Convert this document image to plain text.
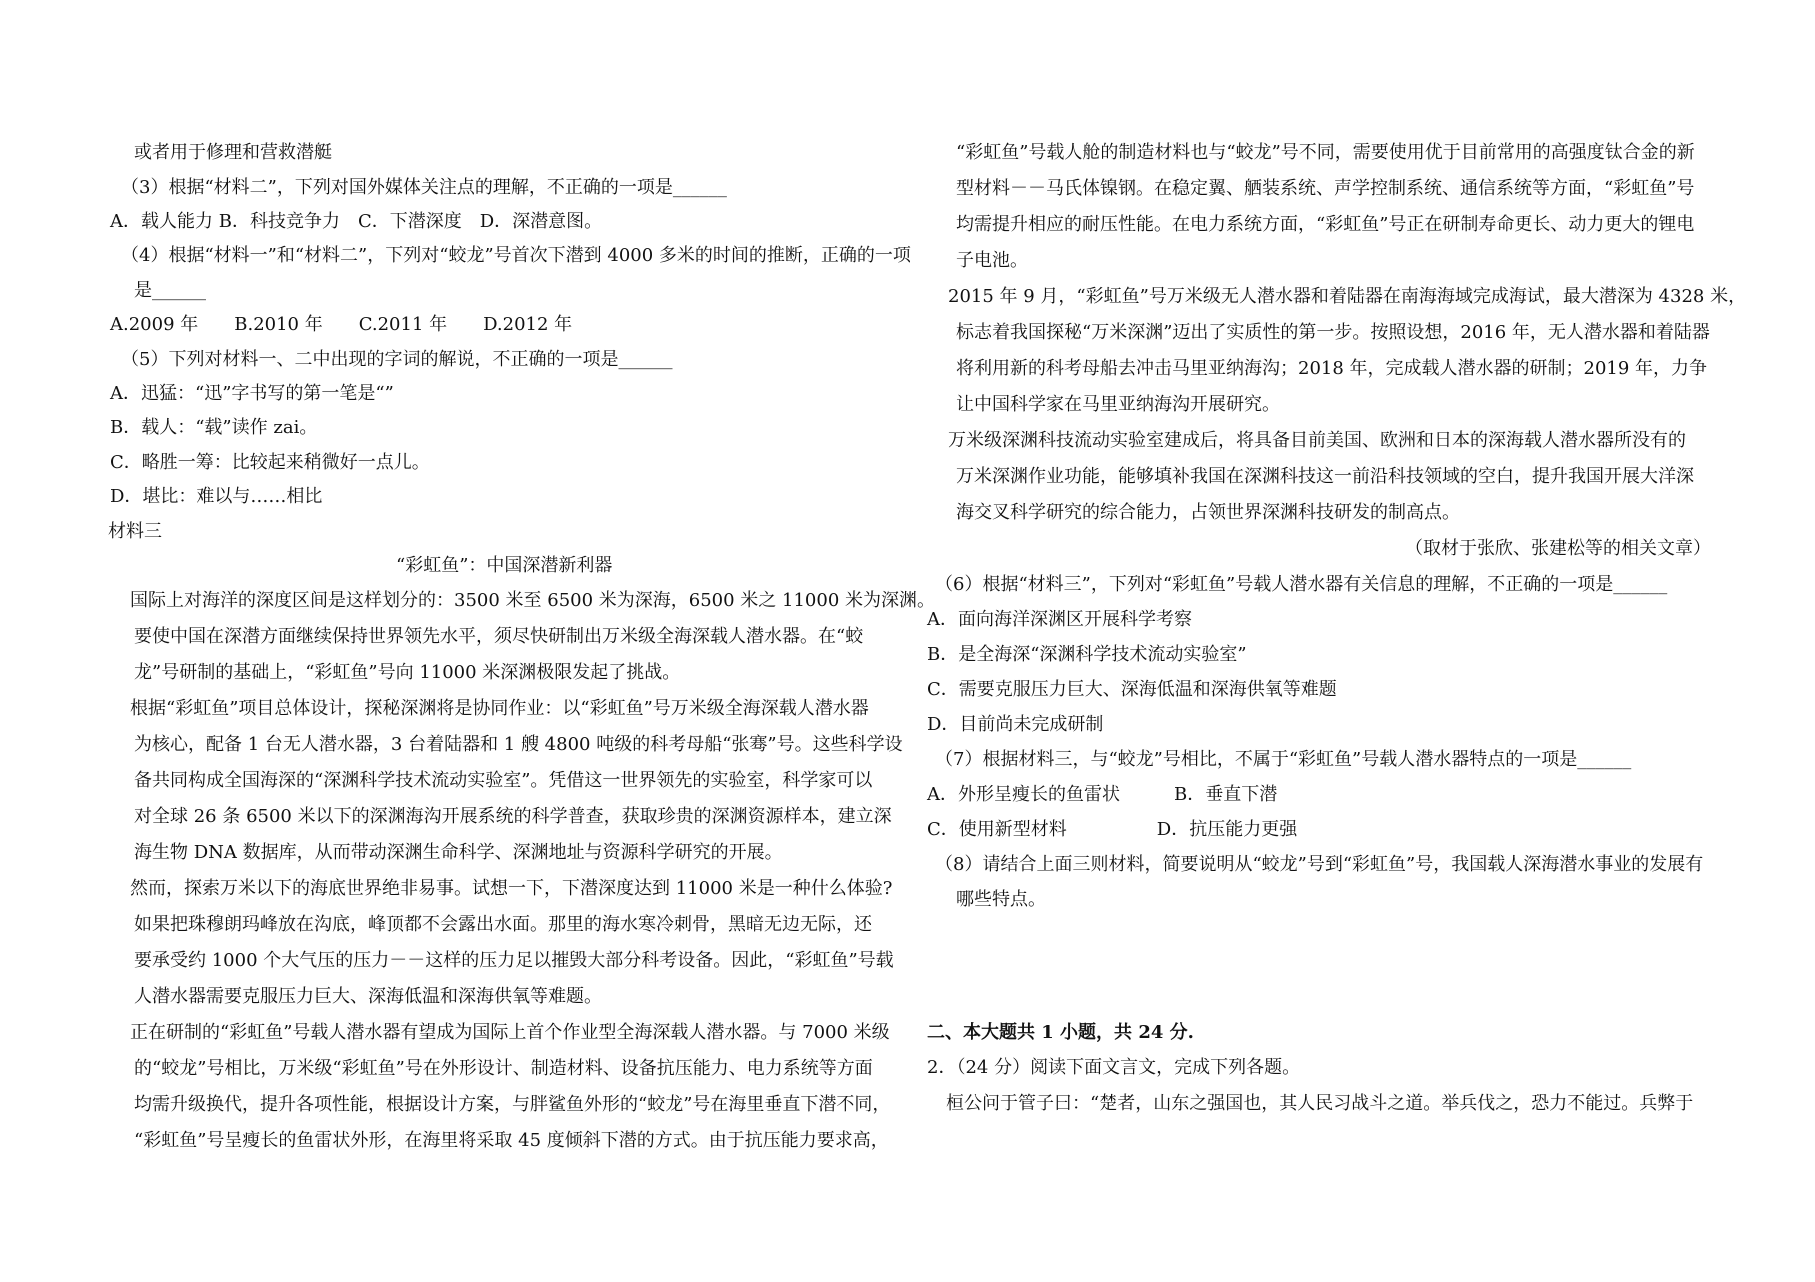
或者用于修理和营救潜艇
（3）根据“材料二”，下列对国外媒体关注点的理解，不正确的一项是______
A．载人能力 B．科技竞争力　C．下潜深度　D．深潜意图。
（4）根据“材料一”和“材料二”，下列对“蛟龙”号首次下潜到 4000 多米的时间的推断，正确的一项
是______
A.2009 年　　B.2010 年　　C.2011 年　　D.2012 年
（5）下列对材料一、二中出现的字词的解说，不正确的一项是______
A．迅猛：“迅”字书写的第一笔是“”
B．载人：“载”读作 zai。
C．略胜一筹：比较起来稍微好一点儿。
D．堪比：难以与……相比
材料三
“彩虹鱼”：中国深潜新利器
国际上对海洋的深度区间是这样划分的：3500 米至 6500 米为深海，6500 米之 11000 米为深渊。
要使中国在深潜方面继续保持世界领先水平，须尽快研制出万米级全海深载人潜水器。在“蛟
龙”号研制的基础上，“彩虹鱼”号向 11000 米深渊极限发起了挑战。
根据“彩虹鱼”项目总体设计，探秘深渊将是协同作业：以“彩虹鱼”号万米级全海深载人潜水器
为核心，配备 1 台无人潜水器，3 台着陆器和 1 艘 4800 吨级的科考母船“张骞”号。这些科学设
备共同构成全国海深的“深渊科学技术流动实验室”。凭借这一世界领先的实验室，科学家可以
对全球 26 条 6500 米以下的深渊海沟开展系统的科学普查，获取珍贵的深渊资源样本，建立深
海生物 DNA 数据库，从而带动深渊生命科学、深渊地址与资源科学研究的开展。
然而，探索万米以下的海底世界绝非易事。试想一下，下潜深度达到 11000 米是一种什么体验?
如果把珠穆朗玛峰放在沟底，峰顶都不会露出水面。那里的海水寒冷刺骨，黑暗无边无际，还
要承受约 1000 个大气压的压力－－这样的压力足以摧毁大部分科考设备。因此，“彩虹鱼”号载
人潜水器需要克服压力巨大、深海低温和深海供氧等难题。
正在研制的“彩虹鱼”号载人潜水器有望成为国际上首个作业型全海深载人潜水器。与 7000 米级
的“蛟龙”号相比，万米级“彩虹鱼”号在外形设计、制造材料、设备抗压能力、电力系统等方面
均需升级换代，提升各项性能，根据设计方案，与胖鲨鱼外形的“蛟龙”号在海里垂直下潜不同，
“彩虹鱼”号呈瘦长的鱼雷状外形，在海里将采取 45 度倾斜下潜的方式。由于抗压能力要求高，
“彩虹鱼”号载人舱的制造材料也与“蛟龙”号不同，需要使用优于目前常用的高强度钛合金的新
型材料－－马氏体镍钢。在稳定翼、舾装系统、声学控制系统、通信系统等方面，“彩虹鱼”号
均需提升相应的耐压性能。在电力系统方面，“彩虹鱼”号正在研制寿命更长、动力更大的锂电
子电池。
2015 年 9 月，“彩虹鱼”号万米级无人潜水器和着陆器在南海海域完成海试，最大潜深为 4328 米，
标志着我国探秘“万米深渊”迈出了实质性的第一步。按照设想，2016 年，无人潜水器和着陆器
将利用新的科考母船去冲击马里亚纳海沟；2018 年，完成载人潜水器的研制；2019 年，力争
让中国科学家在马里亚纳海沟开展研究。
万米级深渊科技流动实验室建成后，将具备目前美国、欧洲和日本的深海载人潜水器所没有的
万米深渊作业功能，能够填补我国在深渊科技这一前沿科技领域的空白，提升我国开展大洋深
海交叉科学研究的综合能力，占领世界深渊科技研发的制高点。
（取材于张欣、张建松等的相关文章）
（6）根据“材料三”，下列对“彩虹鱼”号载人潜水器有关信息的理解，不正确的一项是______
A．面向海洋深渊区开展科学考察
B．是全海深“深渊科学技术流动实验室”
C．需要克服压力巨大、深海低温和深海供氧等难题
D．目前尚未完成研制
（7）根据材料三，与“蛟龙”号相比，不属于“彩虹鱼”号载人潜水器特点的一项是______
A．外形呈瘦长的鱼雷状　　　B．垂直下潜
C．使用新型材料　　　　　D．抗压能力更强
（8）请结合上面三则材料，简要说明从“蛟龙”号到“彩虹鱼”号，我国载人深海潜水事业的发展有
哪些特点。
二、本大题共 1 小题，共 24 分.
2．（24 分）阅读下面文言文，完成下列各题。
桓公问于管子曰：“楚者，山东之强国也，其人民习战斗之道。举兵伐之，恐力不能过。兵弊于
